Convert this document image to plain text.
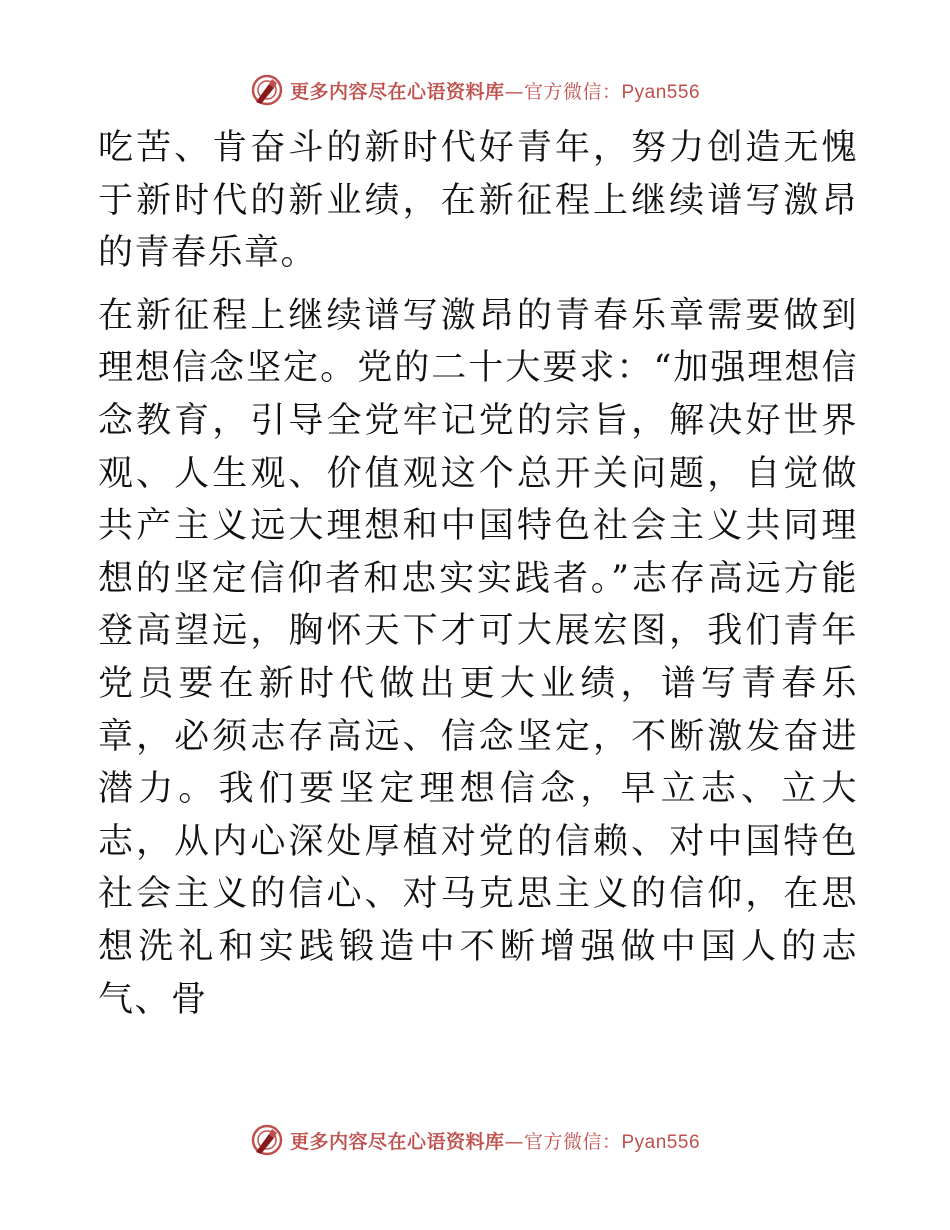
更多内容尽在心语资料库—官方微信：Pyan556

吃苦、肯奋斗的新时代好青年，努力创造无愧于新时代的新业绩，在新征程上继续谱写激昂的青春乐章。

在新征程上继续谱写激昂的青春乐章需要做到理想信念坚定。党的二十大要求：“加强理想信念教育，引导全党牢记党的宗旨，解决好世界观、人生观、价值观这个总开关问题，自觉做共产主义远大理想和中国特色社会主义共同理想的坚定信仰者和忠实实践者。”志存高远方能登高望远，胸怀天下才可大展宏图，我们青年党员要在新时代做出更大业绩，谱写青春乐章，必须志存高远、信念坚定，不断激发奋进潜力。我们要坚定理想信念，早立志、立大志，从内心深处厚植对党的信赖、对中国特色社会主义的信心、对马克思主义的信仰，在思想洗礼和实践锻造中不断增强做中国人的志气、骨

更多内容尽在心语资料库—官方微信：Pyan556
